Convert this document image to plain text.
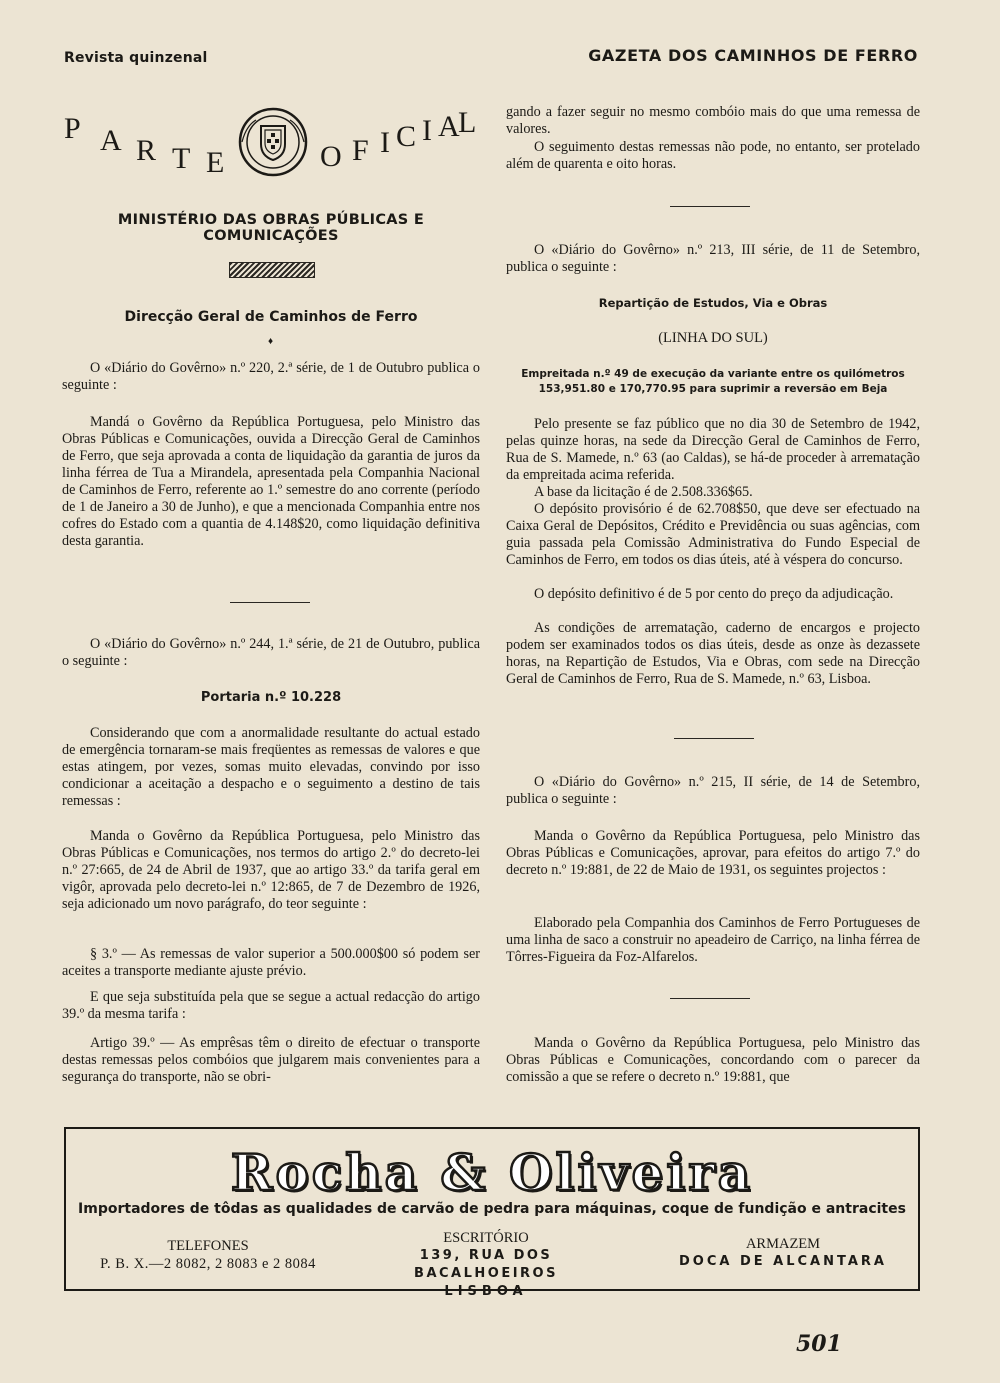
Revista quinzenal	GAZETA DOS CAMINHOS DE FERRO
P A R T E	O F I C I A
L
MINISTÉRIO DAS OBRAS PÚBLICAS E COMUNICAÇÕES
Direcção Geral de Caminhos de Ferro
♦

O «Diário do Govêrno» n.º 220, 2.ª série, de 1 de Outubro publica o seguinte :

Mandá o Govêrno da República Portuguesa, pelo Ministro das Obras Públicas e Comunicações, ouvida a Direcção Geral de Caminhos de Ferro, que seja aprovada a conta de liquidação da garantia de juros da linha férrea de Tua a Mirandela, apresentada pela Companhia Nacional de Caminhos de Ferro, referente ao 1.º semestre do ano corrente (período de 1 de Janeiro a 30 de Junho), e que a mencionada Companhia entre nos cofres do Estado com a quantia de 4.148$20, como liquidação definitiva desta garantia.

O «Diário do Govêrno» n.º 244, 1.ª série, de 21 de Outubro, publica o seguinte :

Portaria n.º 10.228

Considerando que com a anormalidade resultante do actual estado de emergência tornaram-se mais freqüentes as remessas de valores e que estas atingem, por vezes, somas muito elevadas, convindo por isso condicionar a aceitação a despacho e o seguimento a destino de tais remessas :

Manda o Govêrno da República Portuguesa, pelo Ministro das Obras Públicas e Comunicações, nos termos do artigo 2.º do decreto-lei n.º 27:665, de 24 de Abril de 1937, que ao artigo 33.º da tarifa geral em vigôr, aprovada pelo decreto-lei n.º 12:865, de 7 de Dezembro de 1926, seja adicionado um novo parágrafo, do teor seguinte :

§ 3.º — As remessas de valor superior a 500.000$00 só podem ser aceites a transporte mediante ajuste prévio.

E que seja substituída pela que se segue a actual redacção do artigo 39.º da mesma tarifa :

Artigo 39.º — As emprêsas têm o direito de efectuar o transporte destas remessas pelos combóios que julgarem mais convenientes para a segurança do transporte, não se obri-

gando a fazer seguir no mesmo combóio mais do que uma remessa de valores.

O seguimento destas remessas não pode, no entanto, ser protelado além de quarenta e oito horas.

O «Diário do Govêrno» n.º 213, III série, de 11 de Setembro, publica o seguinte :

Repartição de Estudos, Via e Obras

(LINHA DO SUL)

Empreitada n.º 49 de execução da variante entre os quilómetros 153,951.80 e 170,770.95 para suprimir a reversão em Beja

Pelo presente se faz público que no dia 30 de Setembro de 1942, pelas quinze horas, na sede da Direcção Geral de Caminhos de Ferro, Rua de S. Mamede, n.º 63 (ao Caldas), se há-de proceder à arrematação da empreitada acima referida.

A base da licitação é de 2.508.336$65.

O depósito provisório é de 62.708$50, que deve ser efectuado na Caixa Geral de Depósitos, Crédito e Previdência ou suas agências, com guia passada pela Comissão Administrativa do Fundo Especial de Caminhos de Ferro, em todos os dias úteis, até à véspera do concurso.

O depósito definitivo é de 5 por cento do preço da adjudicação.

As condições de arrematação, caderno de encargos e projecto podem ser examinados todos os dias úteis, desde as onze às dezassete horas, na Repartição de Estudos, Via e Obras, com sede na Direcção Geral de Caminhos de Ferro, Rua de S. Mamede, n.º 63, Lisboa.

O «Diário do Govêrno» n.º 215, II série, de 14 de Setembro, publica o seguinte :

Manda o Govêrno da República Portuguesa, pelo Ministro das Obras Públicas e Comunicações, aprovar, para efeitos do artigo 7.º do decreto n.º 19:881, de 22 de Maio de 1931, os seguintes projectos :

Elaborado pela Companhia dos Caminhos de Ferro Portugueses de uma linha de saco a construir no apeadeiro de Carriço, na linha férrea de Tôrres-Figueira da Foz-Alfarelos.

Manda o Govêrno da República Portuguesa, pelo Ministro das Obras Públicas e Comunicações, concordando com o parecer da comissão a que se refere o decreto n.º 19:881, que

Rocha & Oliveira
Importadores de tôdas as qualidades de carvão de pedra para máquinas, coque de fundição e antracites
TELEFONES
P. B. X.—2 8082, 2 8083 e 2 8084
ESCRITÓRIO
139, RUA DOS BACALHOEIROS
LISBOA
ARMAZEM
DOCA DE ALCANTARA
501
